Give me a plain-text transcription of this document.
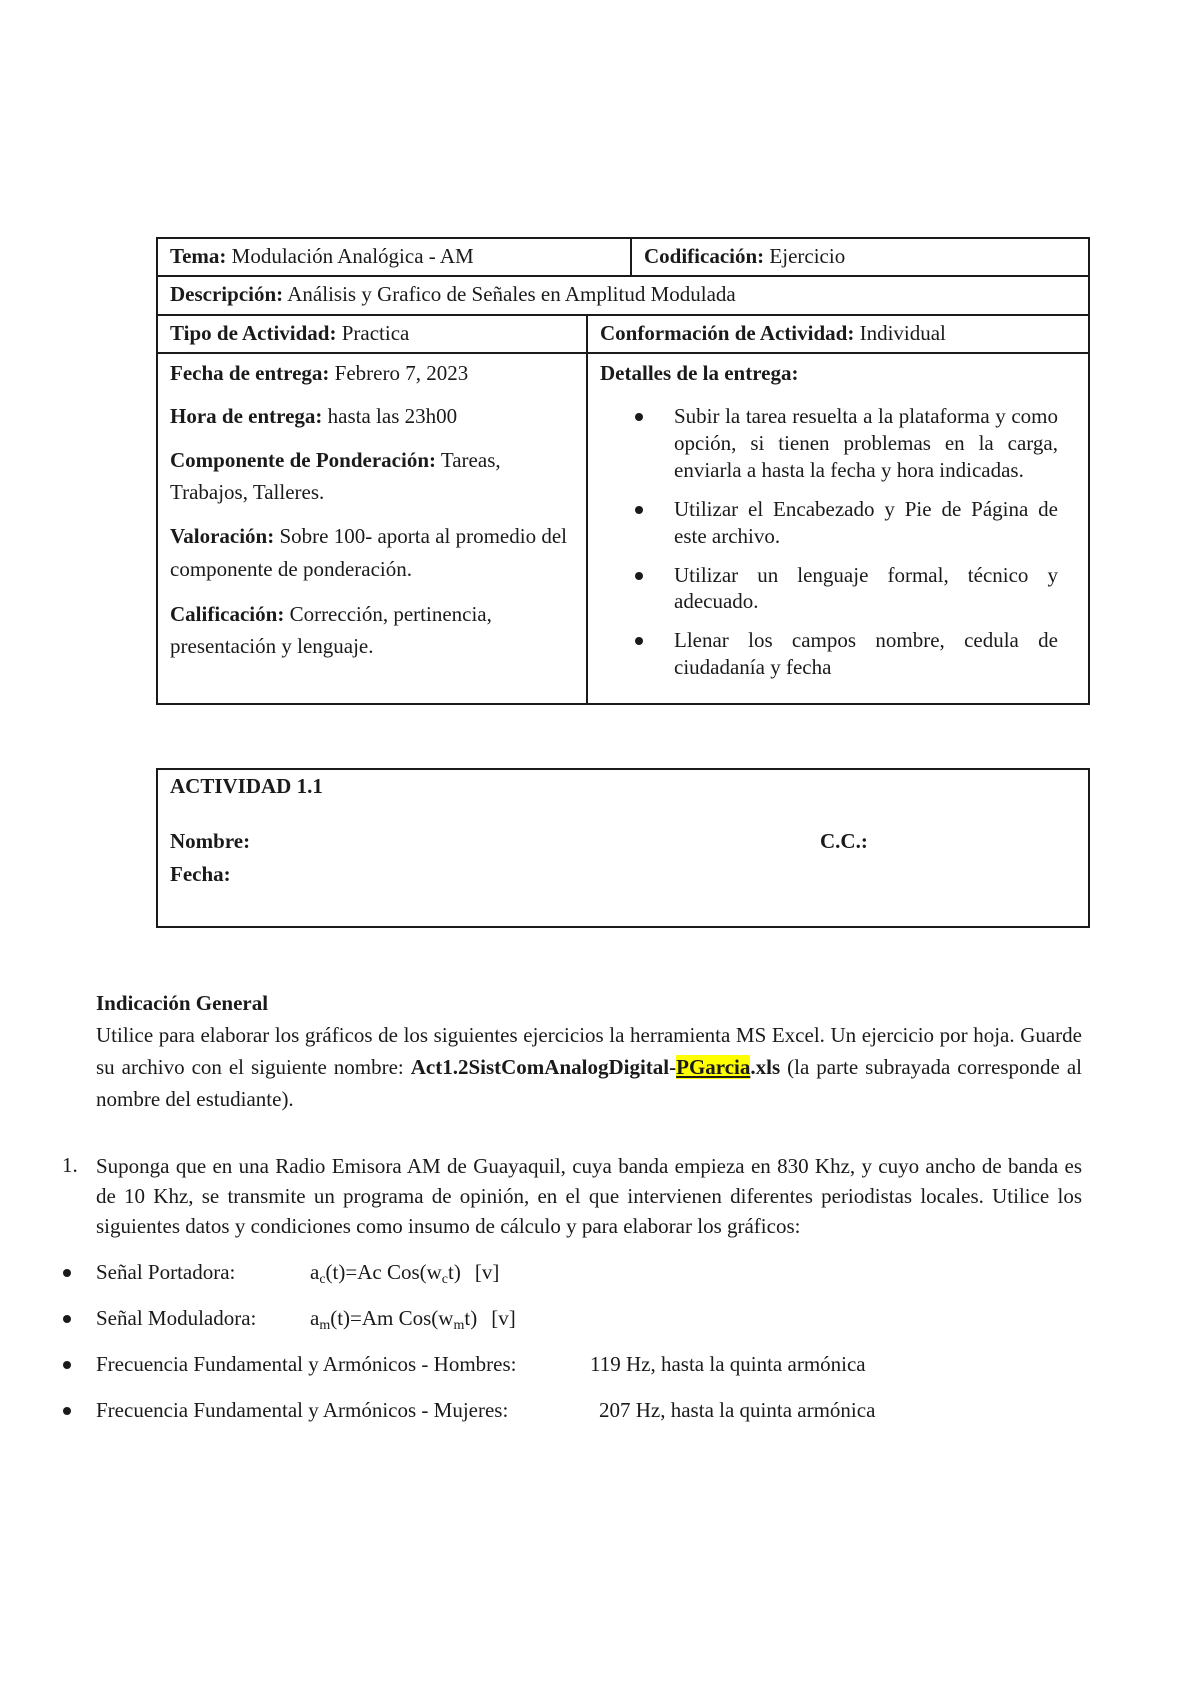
Tema: Modulación Analógica - AM	Codificación: Ejercicio
Descripción: Análisis y Grafico de Señales en Amplitud Modulada
Tipo de Actividad: Practica	Conformación de Actividad: Individual

Fecha de entrega: Febrero 7, 2023

Hora de entrega: hasta las 23h00

Componente de Ponderación: Tareas, Trabajos, Talleres.

Valoración: Sobre 100- aporta al promedio del componente de ponderación.

Calificación: Corrección, pertinencia, presentación y lenguaje.

Detalles de la entrega:

Subir la tarea resuelta a la plataforma y como opción, si tienen problemas en la carga, enviarla a hasta la fecha y hora indicadas.
Utilizar el Encabezado y Pie de Página de este archivo.
Utilizar un lenguaje formal, técnico y adecuado.
Llenar los campos nombre, cedula de ciudadanía y fecha
ACTIVIDAD 1.1
Nombre:	C.C.:
Fecha:

Indicación General

Utilice para elaborar los gráficos de los siguientes ejercicios la herramienta MS Excel. Un ejercicio por hoja. Guarde su archivo con el siguiente nombre: Act1.2SistComAnalogDigital-PGarcia.xls (la parte subrayada corresponde al nombre del estudiante).

1. Suponga que en una Radio Emisora AM de Guayaquil, cuya banda empieza en 830 Khz, y cuyo ancho de banda es de 10 Khz, se transmite un programa de opinión, en el que intervienen diferentes periodistas locales. Utilice los siguientes datos y condiciones como insumo de cálculo y para elaborar los gráficos:
Señal Portadora:	$a_c(t)=Ac$ $Cos(w_ct)$ [v]
Señal Moduladora:	$a_m(t)=Am$ $Cos(w_mt)$ [v]
Frecuencia Fundamental y Armónicos - Hombres:	119 Hz, hasta la quinta armónica
Frecuencia Fundamental y Armónicos - Mujeres:	207 Hz, hasta la quinta armónica
